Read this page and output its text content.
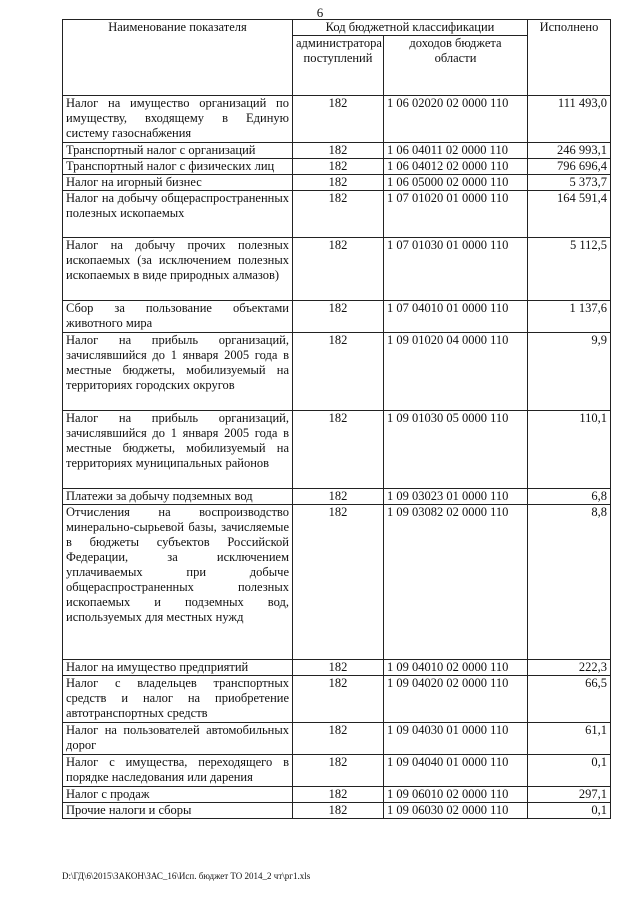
6
Наименование показателя	Код бюджетной классификации		Исполнено
	администратора поступлений	доходов бюджета области	
Налог на имущество организаций по имуществу, входящему в Единую систему газоснабжения	182	1 06 02020 02 0000 110	111 493,0
Транспортный налог с организаций	182	1 06 04011 02 0000 110	246 993,1
Транспортный налог с физических лиц	182	1 06 04012 02 0000 110	796 696,4
Налог на игорный бизнес	182	1 06 05000 02 0000 110	5 373,7
Налог на добычу общераспространенных полезных ископаемых	182	1 07 01020 01 0000 110	164 591,4
Налог на добычу прочих полезных ископаемых (за исключением полезных ископаемых в виде природных алмазов)	182	1 07 01030 01 0000 110	5 112,5
Сбор за пользование объектами животного мира	182	1 07 04010 01 0000 110	1 137,6
Налог на прибыль организаций, зачислявшийся до 1 января 2005 года в местные бюджеты, мобилизуемый на территориях городских округов	182	1 09 01020 04 0000 110	9,9
Налог на прибыль организаций, зачислявшийся до 1 января 2005 года в местные бюджеты, мобилизуемый на территориях муниципальных районов	182	1 09 01030 05 0000 110	110,1
Платежи за добычу подземных вод	182	1 09 03023 01 0000 110	6,8
Отчисления на воспроизводство минерально-сырьевой базы, зачисляемые в бюджеты субъектов Российской Федерации, за исключением уплачиваемых при добыче общераспространенных полезных ископаемых и подземных вод, используемых для местных нужд	182	1 09 03082 02 0000 110	8,8
Налог на имущество предприятий	182	1 09 04010 02 0000 110	222,3
Налог с владельцев транспортных средств и налог на приобретение автотранспортных средств	182	1 09 04020 02 0000 110	66,5
Налог на пользователей автомобильных дорог	182	1 09 04030 01 0000 110	61,1
Налог с имущества, переходящего в порядке наследования или дарения	182	1 09 04040 01 0000 110	0,1
Налог с продаж	182	1 09 06010 02 0000 110	297,1
Прочие налоги и сборы	182	1 09 06030 02 0000 110	0,1
D:\ГД\6\2015\ЗАКОН\ЗАС_16\Исп. бюджет ТО 2014_2 чт\рг1.xls
